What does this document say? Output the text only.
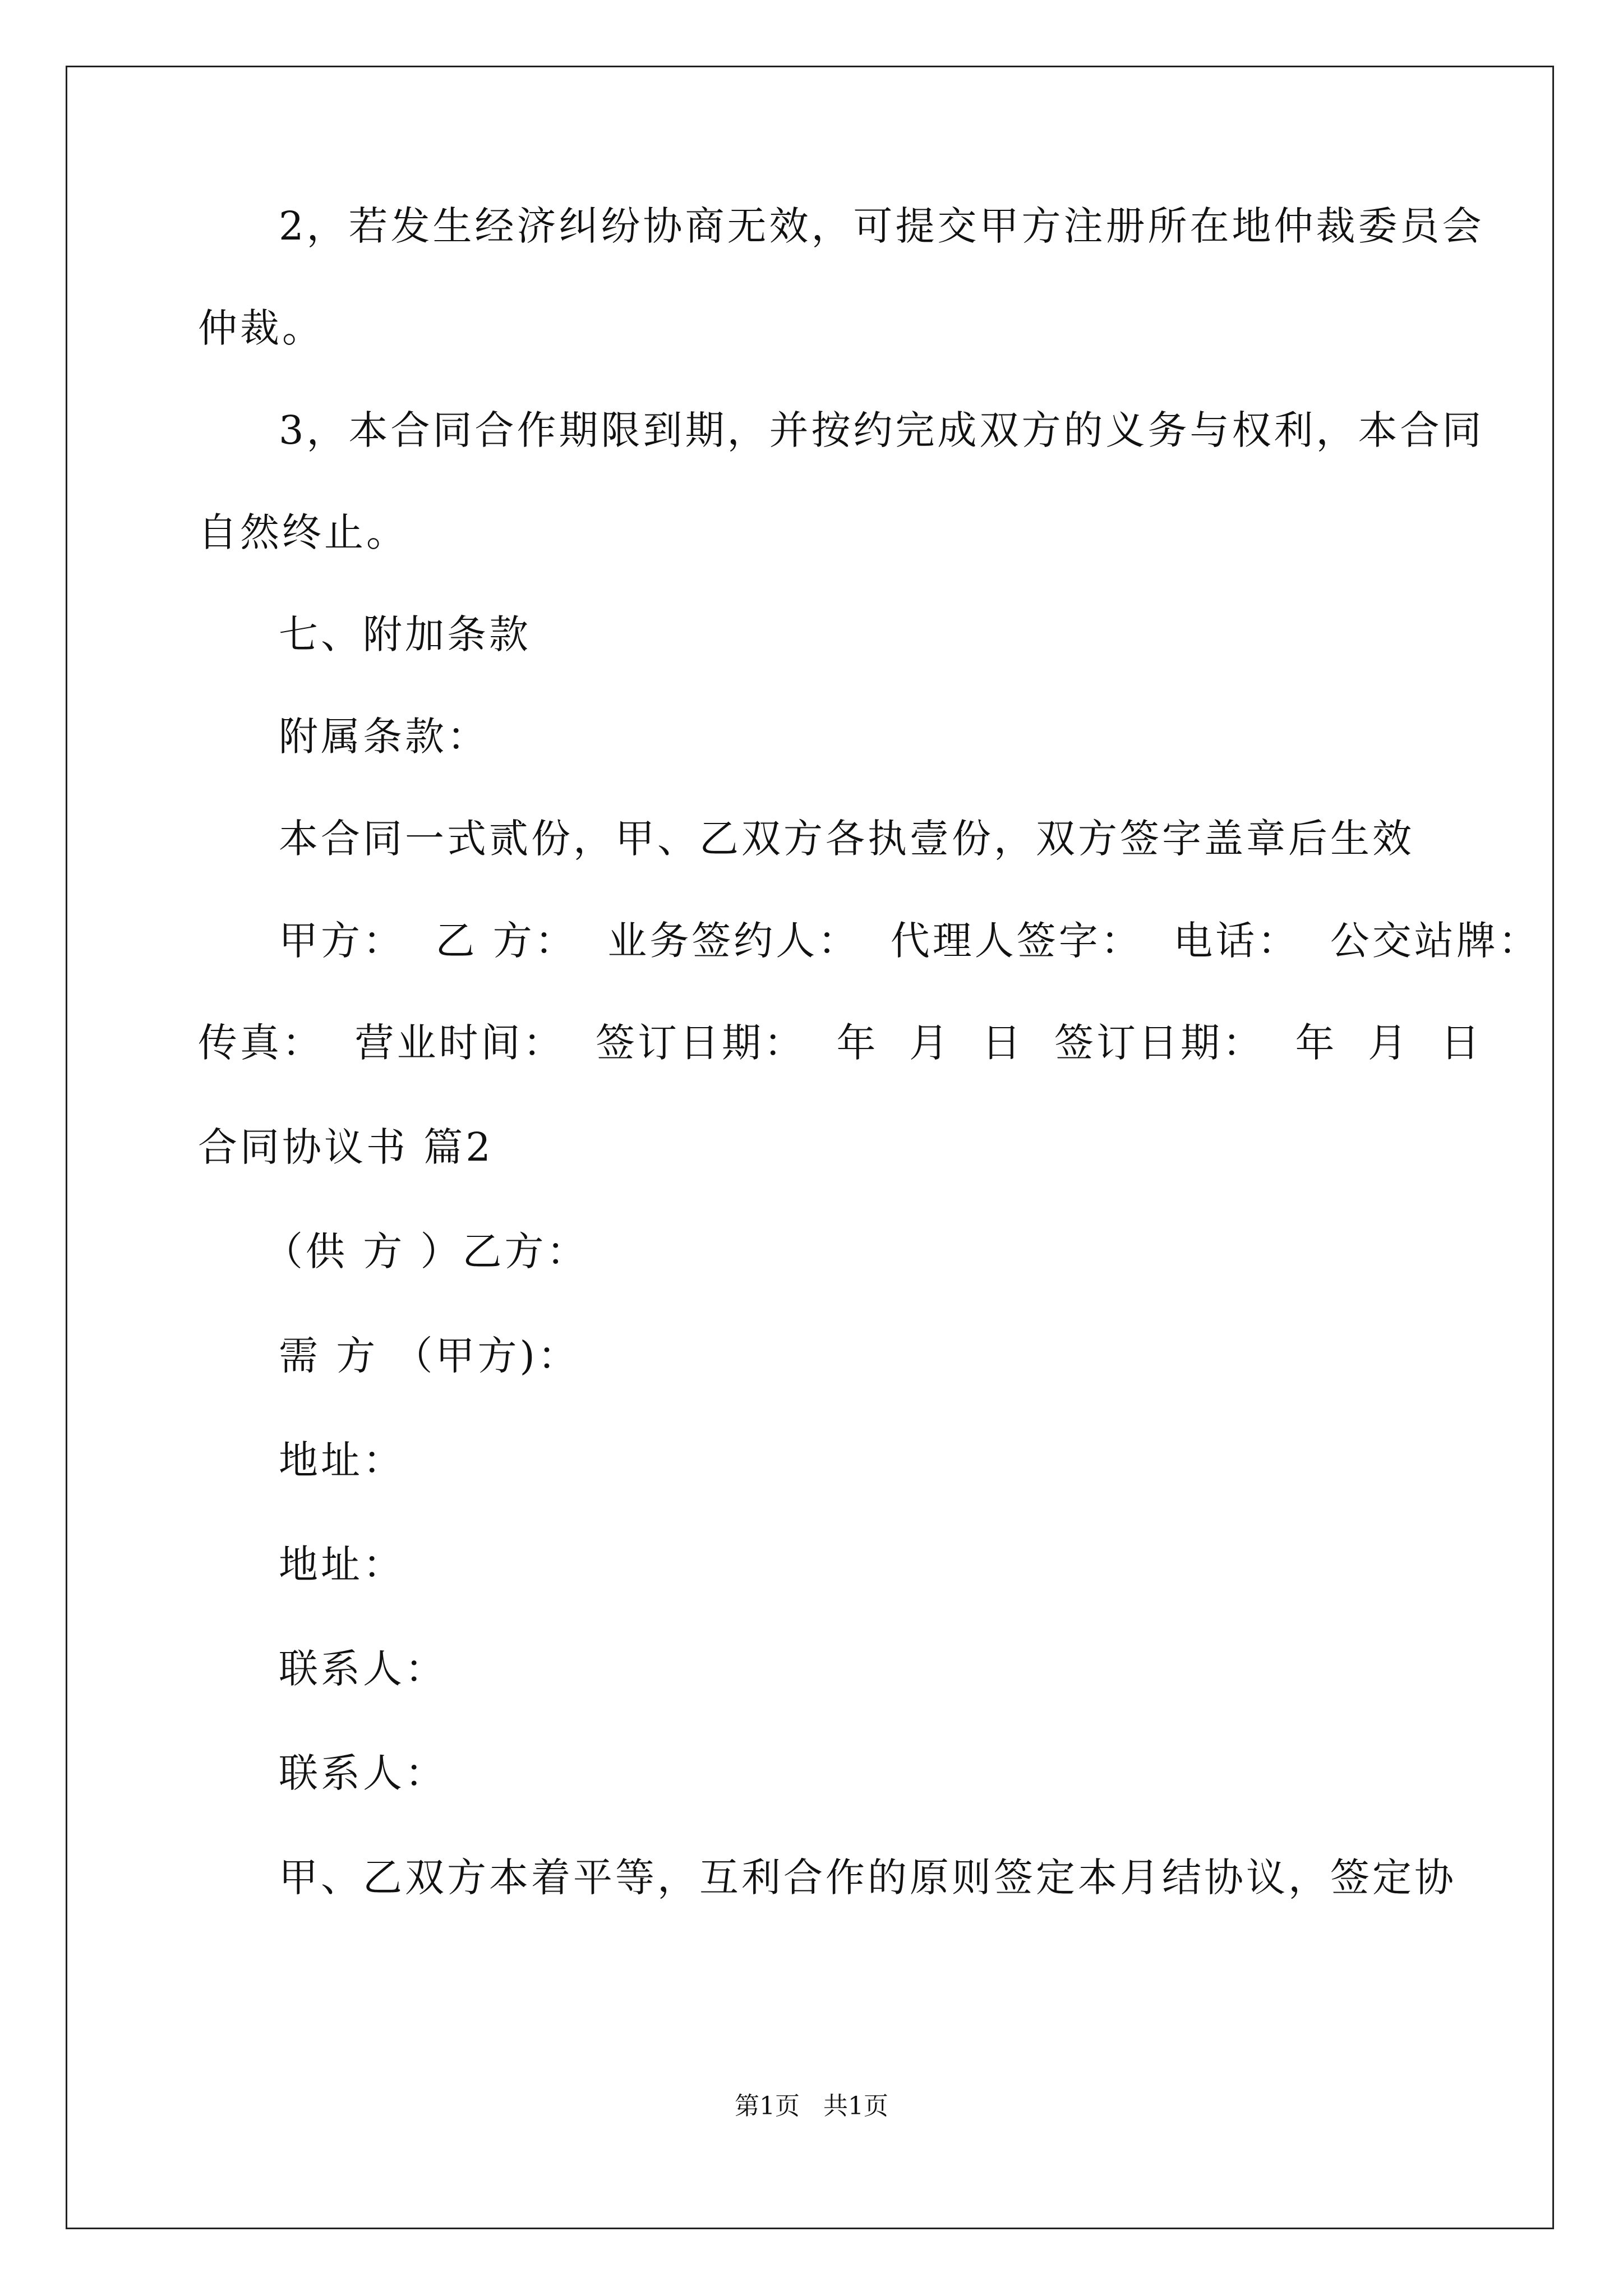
2，若发生经济纠纷协商无效，可提交甲方注册所在地仲裁委员会
仲裁。
3，本合同合作期限到期，并按约完成双方的义务与权利，本合同
自然终止。
七、附加条款
附属条款：
本合同一式贰份，甲、乙双方各执壹份，双方签字盖章后生效
甲方：  乙 方：  业务签约人：  代理人签字：  电话：  公交站牌：
传真：  营业时间：  签订日期：  年  月  日  签订日期：  年  月  日
合同协议书 篇2
（供 方 ）乙方：
需 方 （甲方)：
地址：
地址：
联系人：
联系人：
甲、乙双方本着平等，互利合作的原则签定本月结协议，签定协
第1页   共1页
